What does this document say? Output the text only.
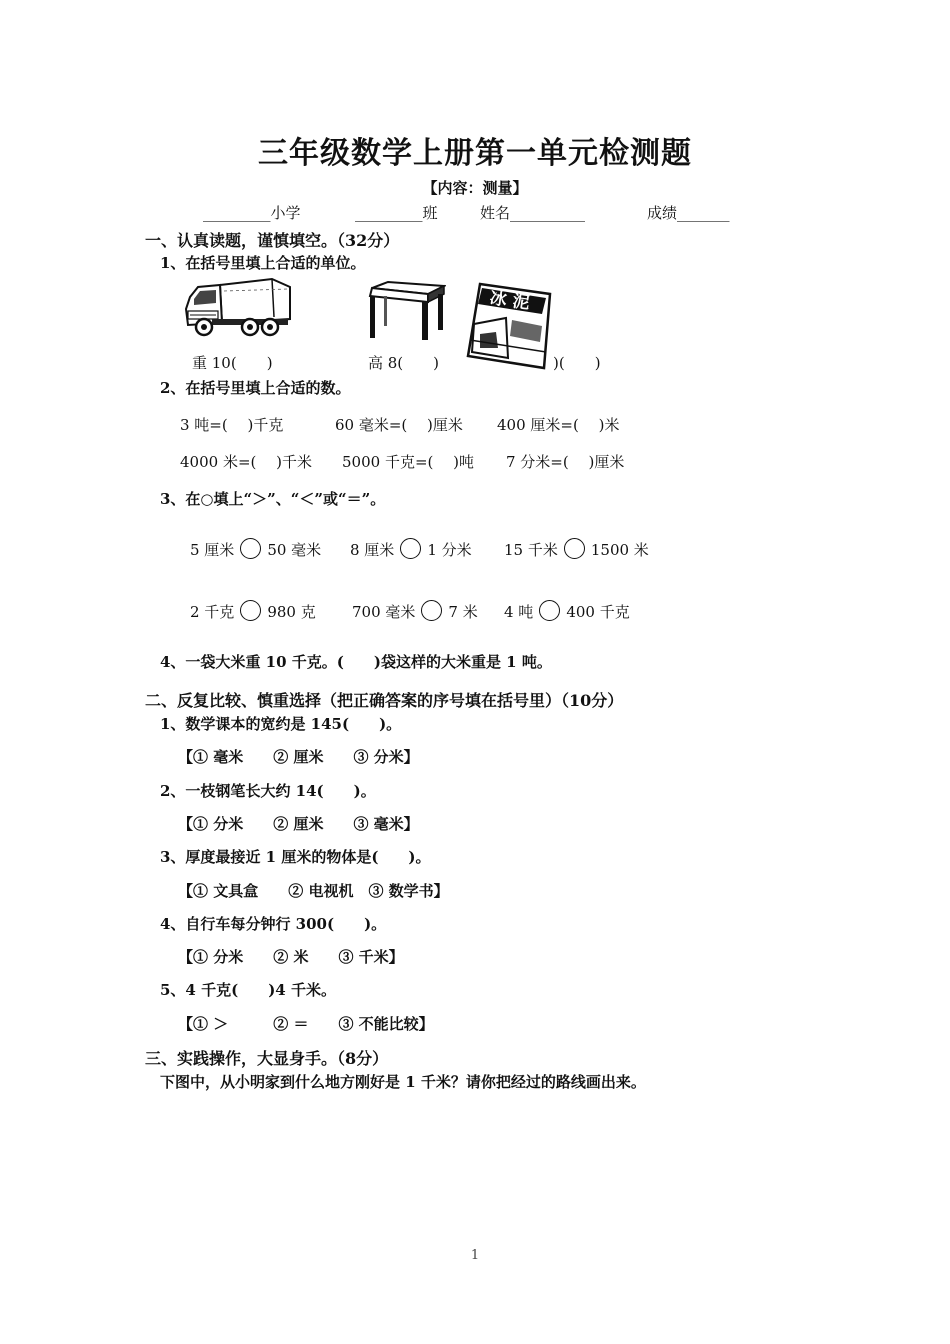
三年级数学上册第一单元检测题
【内容：测量】
_________小学	_________班	姓名__________	成绩_______
一、认真读题，谨慎填空。（32分）
1、在括号里填上合适的单位。
冰 泥
重 10(　　)	高 8(　　)	)(　　)
2、在括号里填上合适的数。
3 吨=(　 )千克	60 毫米=(　 )厘米 400 厘米=(　 )米
4000 米=(　 )千米 5000 千克=(　 )吨 7 分米=(　 )厘米
3、在○填上“＞”、“＜”或“＝”。
5 厘米 50 毫米 8 厘米 1 分米 15 千米 1500 米
2 千克 980 克 700 毫米 7 米 4 吨 400 千克
4、一袋大米重 10 千克。(　　)袋这样的大米重是 1 吨。
二、反复比较、慎重选择（把正确答案的序号填在括号里）（10分）
1、数学课本的宽约是 145(　　)。
【① 毫米　　② 厘米　　③ 分米】
2、一枝钢笔长大约 14(　　)。
【① 分米　　② 厘米　　③ 毫米】
3、厚度最接近 1 厘米的物体是(　　)。
【① 文具盒　　② 电视机　③ 数学书】
4、自行车每分钟行 300(　　)。
【① 分米　　② 米　　③ 千米】
5、4 千克(　　)4 千米。
【① ＞　　　② ＝　　③ 不能比较】
三、实践操作，大显身手。（8分）
下图中，从小明家到什么地方刚好是 1 千米？请你把经过的路线画出来。
1
